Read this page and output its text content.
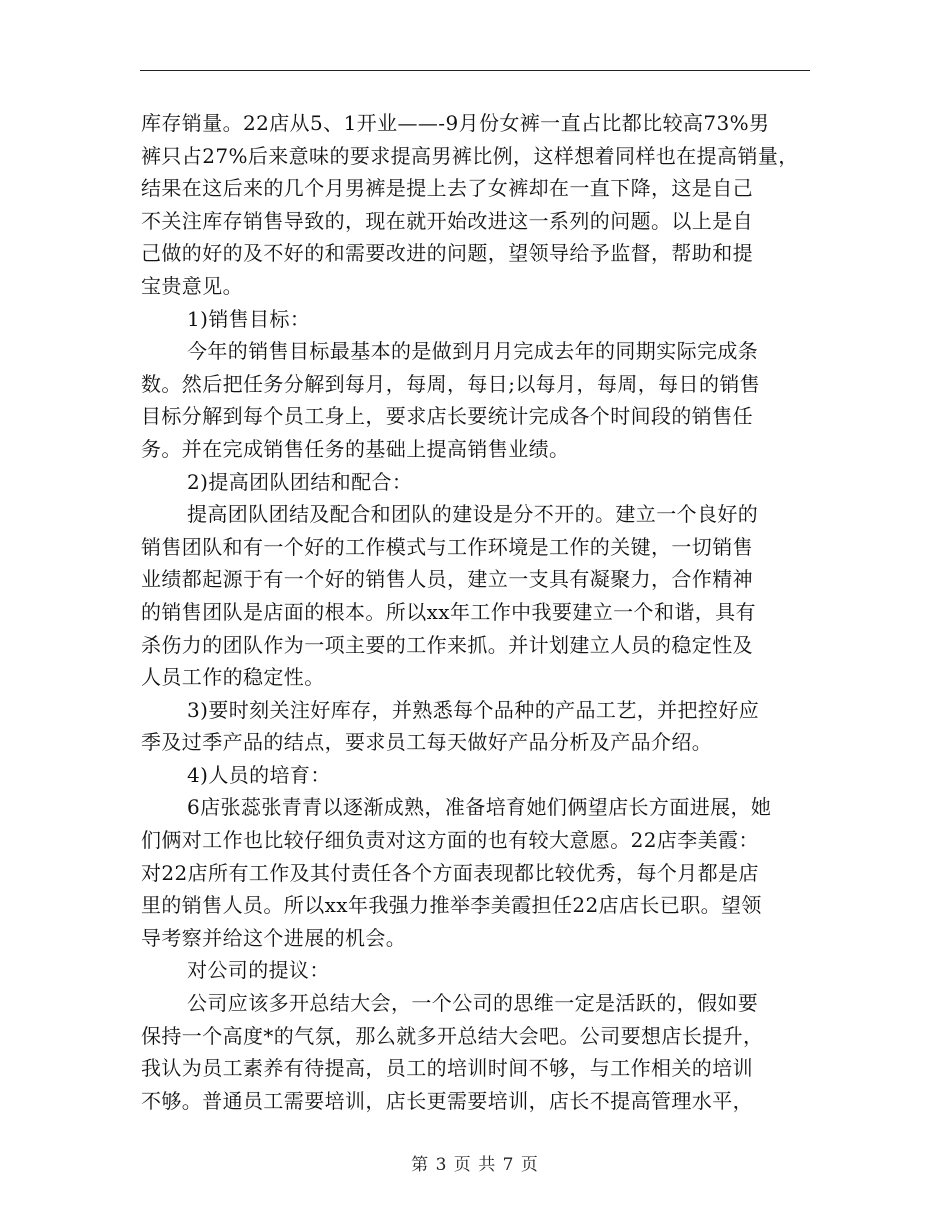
库存销量。22店从5、1开业——-9月份女裤一直占比都比较高73%男
裤只占27%后来意味的要求提高男裤比例，这样想着同样也在提高销量，
结果在这后来的几个月男裤是提上去了女裤却在一直下降，这是自己
不关注库存销售导致的，现在就开始改进这一系列的问题。以上是自
己做的好的及不好的和需要改进的问题，望领导给予监督，帮助和提
宝贵意见。
1)销售目标：
今年的销售目标最基本的是做到月月完成去年的同期实际完成条
数。然后把任务分解到每月，每周，每日;以每月，每周，每日的销售
目标分解到每个员工身上，要求店长要统计完成各个时间段的销售任
务。并在完成销售任务的基础上提高销售业绩。
2)提高团队团结和配合：
提高团队团结及配合和团队的建设是分不开的。建立一个良好的
销售团队和有一个好的工作模式与工作环境是工作的关键，一切销售
业绩都起源于有一个好的销售人员，建立一支具有凝聚力，合作精神
的销售团队是店面的根本。所以xx年工作中我要建立一个和谐，具有
杀伤力的团队作为一项主要的工作来抓。并计划建立人员的稳定性及
人员工作的稳定性。
3)要时刻关注好库存，并熟悉每个品种的产品工艺，并把控好应
季及过季产品的结点，要求员工每天做好产品分析及产品介绍。
4)人员的培育：
6店张蕊张青青以逐渐成熟，准备培育她们俩望店长方面进展，她
们俩对工作也比较仔细负责对这方面的也有较大意愿。22店李美霞：
对22店所有工作及其付责任各个方面表现都比较优秀，每个月都是店
里的销售人员。所以xx年我强力推举李美霞担任22店店长已职。望领
导考察并给这个进展的机会。
对公司的提议：
公司应该多开总结大会，一个公司的思维一定是活跃的，假如要
保持一个高度*的气氛，那么就多开总结大会吧。公司要想店长提升，
我认为员工素养有待提高，员工的培训时间不够，与工作相关的培训
不够。普通员工需要培训，店长更需要培训，店长不提高管理水平，
第 3 页 共 7 页
